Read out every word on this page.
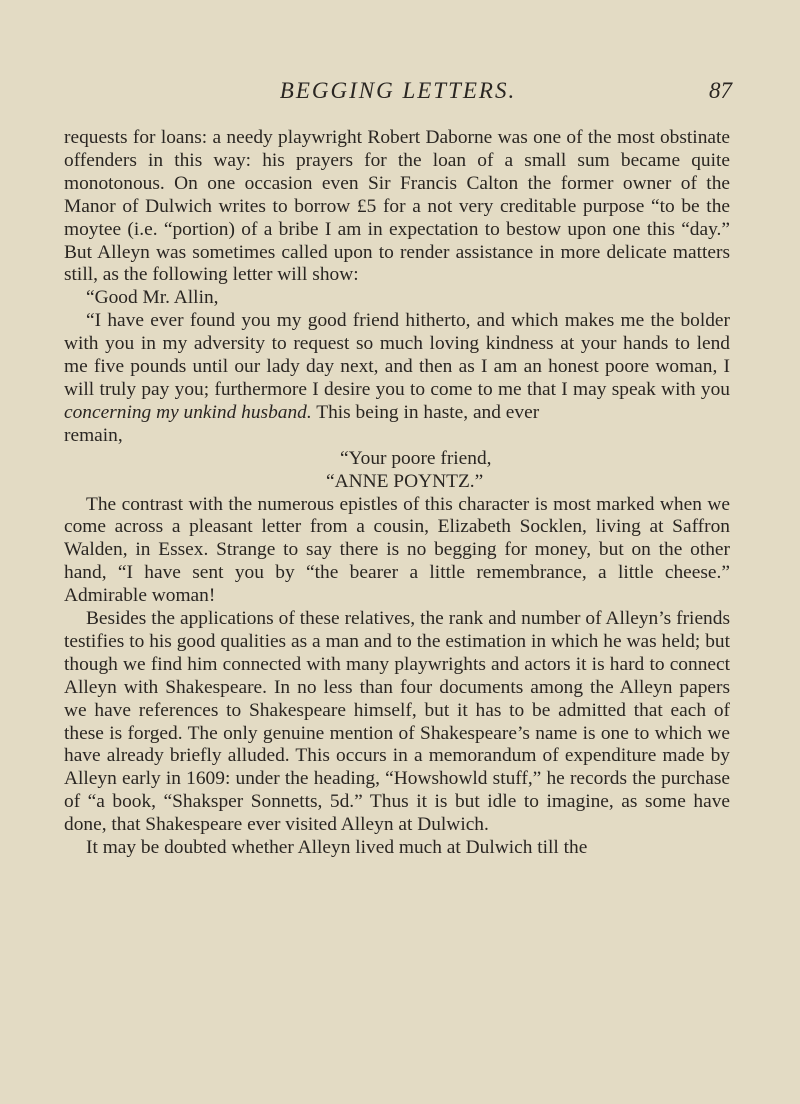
BEGGING LETTERS.	87

requests for loans: a needy playwright Robert Daborne was one of the most obstinate offenders in this way: his prayers for the loan of a small sum became quite monotonous. On one occasion even Sir Francis Calton the former owner of the Manor of Dulwich writes to borrow £5 for a not very creditable purpose “to be the moytee (i.e. “portion) of a bribe I am in expectation to bestow upon one this “day.” But Alleyn was sometimes called upon to render assistance in more delicate matters still, as the following letter will show:

“Good Mr. Allin,

“I have ever found you my good friend hitherto, and which makes me the bolder with you in my adversity to request so much loving kindness at your hands to lend me five pounds until our lady day next, and then as I am an honest poore woman, I will truly pay you; furthermore I desire you to come to me that I may speak with you concerning my unkind husband. This being in haste, and ever

remain,

“Your poore friend,

“ANNE POYNTZ.”

The contrast with the numerous epistles of this character is most marked when we come across a pleasant letter from a cousin, Elizabeth Socklen, living at Saffron Walden, in Essex. Strange to say there is no begging for money, but on the other hand, “I have sent you by “the bearer a little remembrance, a little cheese.” Admirable woman!

Besides the applications of these relatives, the rank and number of Alleyn’s friends testifies to his good qualities as a man and to the estimation in which he was held; but though we find him connected with many playwrights and actors it is hard to connect Alleyn with Shakespeare. In no less than four documents among the Alleyn papers we have references to Shakespeare himself, but it has to be admitted that each of these is forged. The only genuine mention of Shakespeare’s name is one to which we have already briefly alluded. This occurs in a memorandum of expenditure made by Alleyn early in 1609: under the heading, “Howshowld stuff,” he records the purchase of “a book, “Shaksper Sonnetts, 5d.” Thus it is but idle to imagine, as some have done, that Shakespeare ever visited Alleyn at Dulwich.

It may be doubted whether Alleyn lived much at Dulwich till the
